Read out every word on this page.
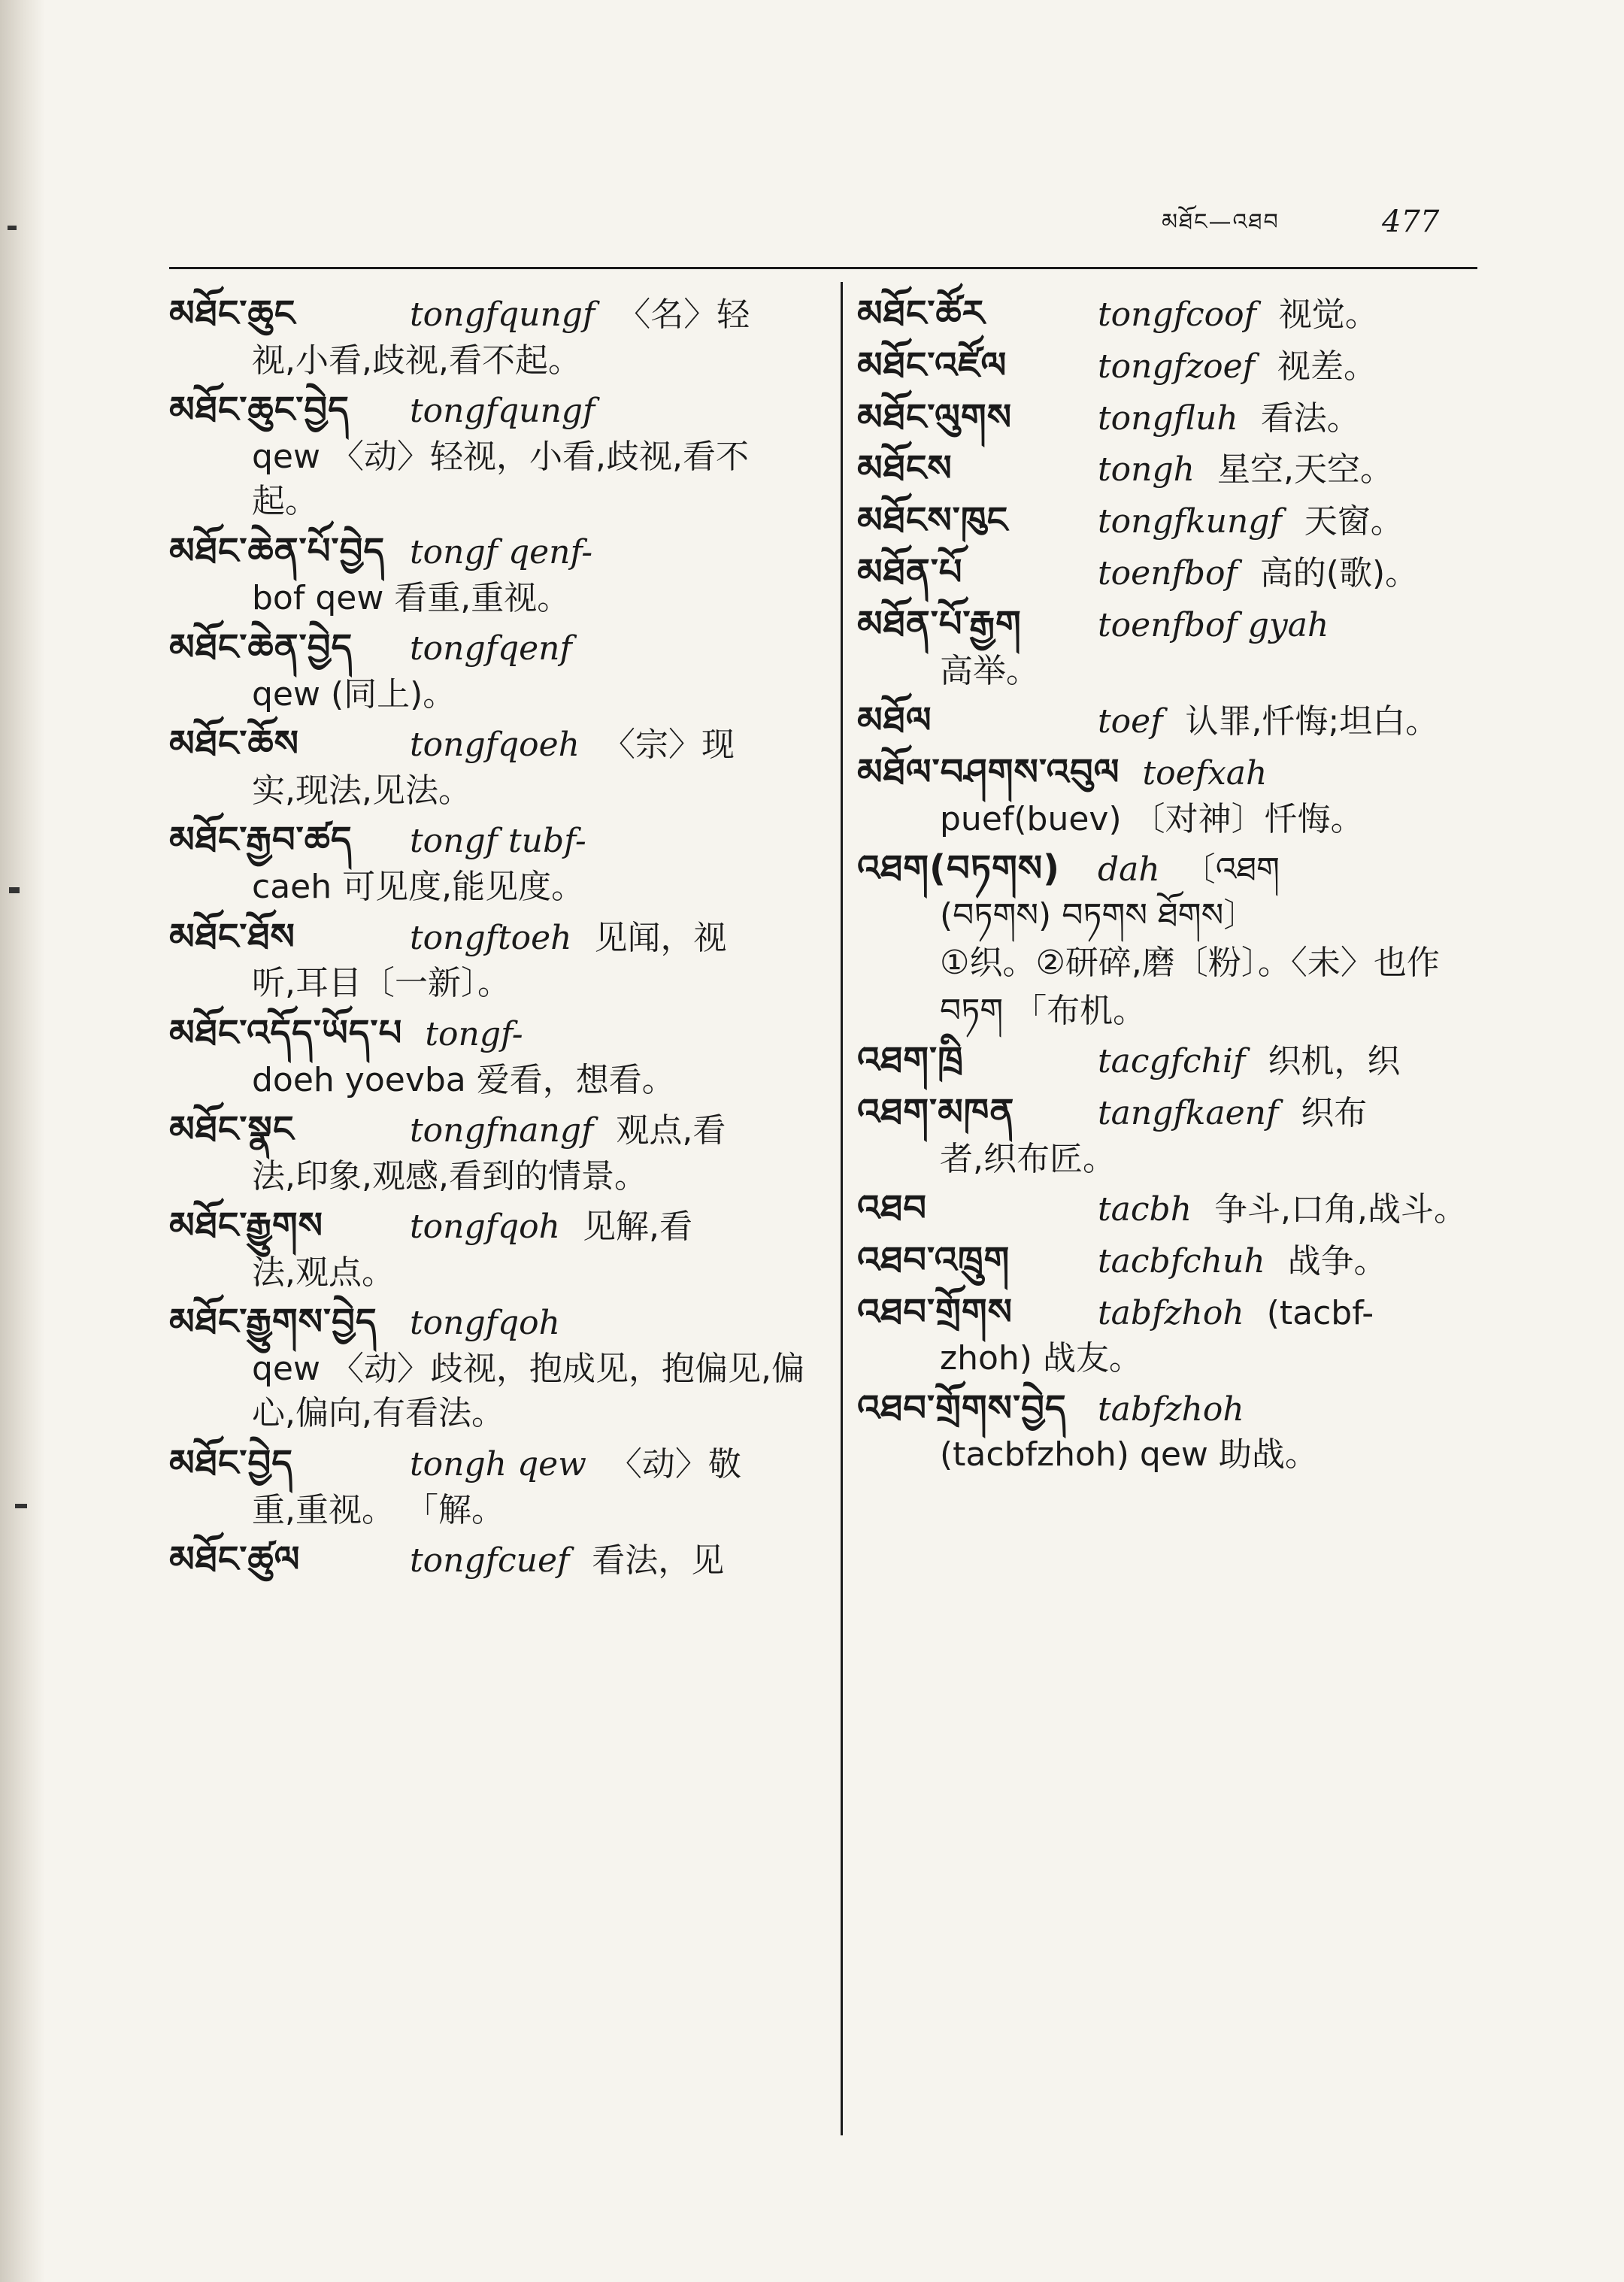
མཐོང—འཐབ	477
མཐོང་ཆུང	tongfqungf 〈名〉轻
视,小看,歧视,看不起。
མཐོང་ཆུང་བྱེད	tongfqungf
qew 〈动〉轻视，小看,歧视,看不起。
མཐོང་ཆེན་པོ་བྱེད tongf qenf-
bof qew 看重,重视。
མཐོང་ཆེན་བྱེད	tongfqenf
qew (同上)。
མཐོང་ཆོས	tongfqoeh 〈宗〉现
实,现法,见法。
མཐོང་རྒྱབ་ཚད	tongf tubf-
caeh 可见度,能见度。
མཐོང་ཐོས	tongftoeh 见闻，视
听,耳目〔一新〕。
མཐོང་འདོད་ཡོད་པ tongf-
doeh yoevba 爱看，想看。
མཐོང་སྣང	tongfnangf 观点,看
法,印象,观感,看到的情景。
མཐོང་རྒྱུགས	tongfqoh 见解,看
法,观点。
མཐོང་རྒྱུགས་བྱེད tongfqoh
qew 〈动〉歧视，抱成见，抱偏见,偏心,偏向,有看法。
མཐོང་བྱེད	tongh qew 〈动〉敬
重,重视。 「解。
མཐོང་ཚུལ	tongfcuef 看法，见
མཐོང་ཚོར	tongfcoof 视觉。
མཐོང་འཛོལ	tongfzoef 视差。
མཐོང་ལུགས	tongfluh 看法。
མཐོངས	tongh 星空,天空。
མཐོངས་ཁུང	tongfkungf 天窗。
མཐོན་པོ	toenfbof 高的(歌)。
མཐོན་པོ་རྒྱག	toenfbof gyah
高举。
མཐོལ	toef 认罪,忏悔;坦白。
མཐོལ་བཤགས་འབུལ toefxah
puef(buev) 〔对神〕忏悔。
འཐག(བཏགས)	dah 〔འཐག
(བཏགས) བཏགས ཐོགས〕
①织。②研碎,磨〔粉〕。〈未〉也作
བཏག 「布机。
འཐག་ཁྲི	tacgfchif 织机，织
འཐག་མཁན	tangfkaenf 织布
者,织布匠。
འཐབ	tacbh 争斗,口角,战斗。
འཐབ་འཁྲུག	tacbfchuh 战争。
འཐབ་གྲོགས	tabfzhoh (tacbf-
zhoh) 战友。
འཐབ་གྲོགས་བྱེད tabfzhoh
(tacbfzhoh) qew 助战。
